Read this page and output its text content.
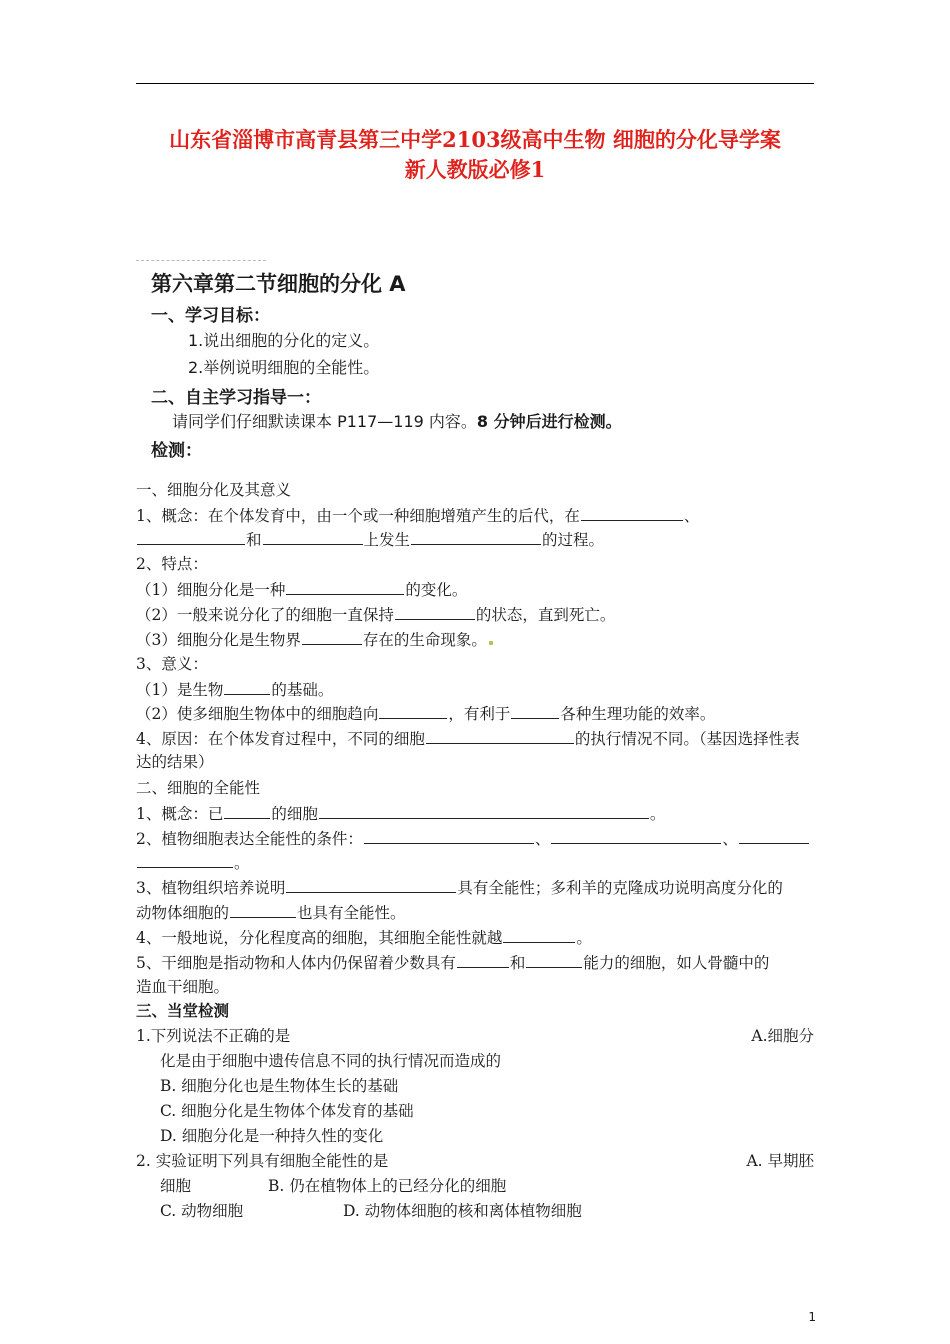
山东省淄博市高青县第三中学2103级高中生物 细胞的分化导学案
新人教版必修1
第六章第二节细胞的分化 A
一、学习目标：
1.说出细胞的分化的定义。
2.举例说明细胞的全能性。
二、自主学习指导一：
请同学们仔细默读课本 P117—119 内容。8 分钟后进行检测。
检测：
一、细胞分化及其意义
1、概念：在个体发育中，由一个或一种细胞增殖产生的后代，在	、
和	上发生	的过程。
2、特点：
（1）细胞分化是一种	的变化。
（2）一般来说分化了的细胞一直保持	的状态，直到死亡。
（3）细胞分化是生物界	存在的生命现象。
3、意义：
（1）是生物	的基础。
（2）使多细胞生物体中的细胞趋向	，有利于	各种生理功能的效率。
4、原因：在个体发育过程中，不同的细胞	的执行情况不同。（基因选择性表
达的结果）
二、细胞的全能性
1、概念：已	的细胞	。
2、植物细胞表达全能性的条件：	、	、
。
3、植物组织培养说明	具有全能性；多利羊的克隆成功说明高度分化的
动物体细胞的	也具有全能性。
4、一般地说，分化程度高的细胞，其细胞全能性就越	。
5、干细胞是指动物和人体内仍保留着少数具有	和	能力的细胞，如人骨髓中的
造血干细胞。
三、当堂检测
1.下列说法不正确的是	A.细胞分
化是由于细胞中遗传信息不同的执行情况而造成的
B. 细胞分化也是生物体生长的基础
C. 细胞分化是生物体个体发育的基础
D. 细胞分化是一种持久性的变化
2. 实验证明下列具有细胞全能性的是	A. 早期胚
细胞	B. 仍在植物体上的已经分化的细胞
C. 动物细胞	D. 动物体细胞的核和离体植物细胞
1
